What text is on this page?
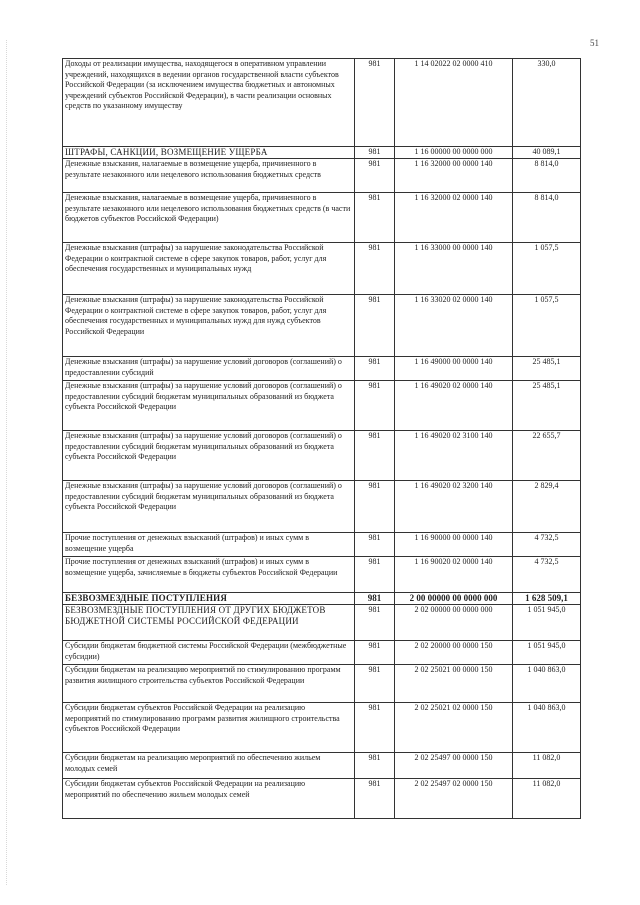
51
Доходы от реализации имущества, находящегося в оперативном управлении учреждений, находящихся в ведении органов государственной власти субъектов Российской Федерации (за исключением имущества бюджетных и автономных учреждений субъектов Российской Федерации), в части реализации основных средств по указанному имуществу	981	1 14 02022 02 0000 410	330,0
ШТРАФЫ, САНКЦИИ, ВОЗМЕЩЕНИЕ УЩЕРБА	981	1 16 00000 00 0000 000	40 089,1
Денежные взыскания, налагаемые в возмещение ущерба, причиненного в результате незаконного или нецелевого использования бюджетных средств	981	1 16 32000 00 0000 140	8 814,0
Денежные взыскания, налагаемые в возмещение ущерба, причиненного в результате незаконного или нецелевого использования бюджетных средств (в части бюджетов субъектов Российской Федерации)	981	1 16 32000 02 0000 140	8 814,0
Денежные взыскания (штрафы) за нарушение законодательства Российской Федерации о контрактной системе в сфере закупок товаров, работ, услуг для обеспечения государственных и муниципальных нужд	981	1 16 33000 00 0000 140	1 057,5
Денежные взыскания (штрафы) за нарушение законодательства Российской Федерации о контрактной системе в сфере закупок товаров, работ, услуг для обеспечения государственных и муниципальных нужд для нужд субъектов Российской Федерации	981	1 16 33020 02 0000 140	1 057,5
Денежные взыскания (штрафы) за нарушение условий договоров (соглашений) о предоставлении субсидий	981	1 16 49000 00 0000 140	25 485,1
Денежные взыскания (штрафы) за нарушение условий договоров (соглашений) о предоставлении субсидий бюджетам муниципальных образований из бюджета субъекта Российской Федерации	981	1 16 49020 02 0000 140	25 485,1
Денежные взыскания (штрафы) за нарушение условий договоров (соглашений) о предоставлении субсидий бюджетам муниципальных образований из бюджета субъекта Российской Федерации	981	1 16 49020 02 3100 140	22 655,7
Денежные взыскания (штрафы) за нарушение условий договоров (соглашений) о предоставлении субсидий бюджетам муниципальных образований из бюджета субъекта Российской Федерации	981	1 16 49020 02 3200 140	2 829,4
Прочие поступления от денежных взысканий (штрафов) и иных сумм в возмещение ущерба	981	1 16 90000 00 0000 140	4 732,5
Прочие поступления от денежных взысканий (штрафов) и иных сумм в возмещение ущерба, зачисляемые в бюджеты субъектов Российской Федерации	981	1 16 90020 02 0000 140	4 732,5
БЕЗВОЗМЕЗДНЫЕ ПОСТУПЛЕНИЯ	981	2 00 00000 00 0000 000	1 628 509,1
БЕЗВОЗМЕЗДНЫЕ ПОСТУПЛЕНИЯ ОТ ДРУГИХ БЮДЖЕТОВ БЮДЖЕТНОЙ СИСТЕМЫ РОССИЙСКОЙ ФЕДЕРАЦИИ	981	2 02 00000 00 0000 000	1 051 945,0
Субсидии бюджетам бюджетной системы Российской Федерации (межбюджетные субсидии)	981	2 02 20000 00 0000 150	1 051 945,0
Субсидии бюджетам на реализацию мероприятий по стимулированию программ развития жилищного строительства субъектов Российской Федерации	981	2 02 25021 00 0000 150	1 040 863,0
Субсидии бюджетам субъектов Российской Федерации на реализацию мероприятий по стимулированию программ развития жилищного строительства субъектов Российской Федерации	981	2 02 25021 02 0000 150	1 040 863,0
Субсидии бюджетам на реализацию мероприятий по обеспечению жильем молодых семей	981	2 02 25497 00 0000 150	11 082,0
Субсидии бюджетам субъектов Российской Федерации на реализацию мероприятий по обеспечению жильем молодых семей	981	2 02 25497 02 0000 150	11 082,0
